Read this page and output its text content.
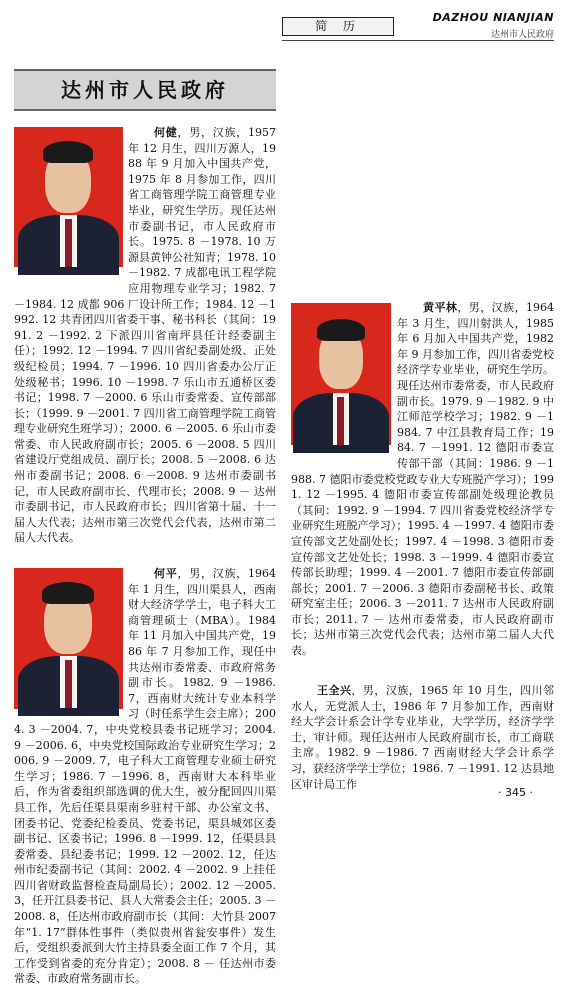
简 历
DAZHOU NIANJIAN
达州市人民政府
达州市人民政府

何健，男，汉族，1957 年 12 月生，四川万源人，1988 年 9 月加入中国共产党，1975 年 8 月参加工作，四川省工商管理学院工商管理专业毕业，研究生学历。现任达州市委副书记，市人民政府市长。1975. 8 －1978. 10 万源县黄钟公社知青；1978. 10 －1982. 7 成都电讯工程学院应用物理专业学习；1982. 7 －1984. 12 成都 906 厂设计所工作；1984. 12 －1992. 12 共青团四川省委干事、秘书科长（其间：1991. 2 －1992. 2 下派四川省南坪县任计经委副主任）；1992. 12 －1994. 7 四川省纪委副处级、正处级纪检员；1994. 7 －1996. 10 四川省委办公厅正处级秘书；1996. 10 －1998. 7 乐山市五通桥区委书记；1998. 7 －2000. 6 乐山市委常委、宣传部部长；（1999. 9 －2001. 7 四川省工商管理学院工商管理专业研究生班学习）；2000. 6 －2005. 6 乐山市委常委、市人民政府副市长；2005. 6 －2008. 5 四川省建设厅党组成员、副厅长；2008. 5 －2008. 6 达州市委副书记；2008. 6 －2008. 9 达州市委副书记，市人民政府副市长、代理市长；2008. 9 － 达州市委副书记，市人民政府市长；四川省第十届、十一届人大代表；达州市第三次党代会代表，达州市第二届人大代表。

何平，男，汉族，1964 年 1 月生，四川渠县人，西南财大经济学学士，电子科大工商管理硕士（MBA）。1984 年 11 月加入中国共产党，1986 年 7 月参加工作，现任中共达州市委常委、市政府常务副市长。1982. 9 －1986. 7，西南财大统计专业本科学习（时任系学生会主席）；2004. 3 －2004. 7，中央党校县委书记班学习；2004. 9 －2006. 6，中央党校国际政治专业研究生学习；2006. 9 －2009. 7，电子科大工商管理专业硕士研究生学习；1986. 7 －1996. 8，西南财大本科毕业后，作为省委组织部选调的优大生，被分配回四川渠县工作，先后任渠县渠南乡驻村干部、办公室文书、团委书记、党委纪检委员、党委书记，渠县城郊区委副书记、区委书记；1996. 8 －1999. 12，任渠县县委常委、县纪委书记；1999. 12 －2002. 12，任达州市纪委副书记（其间：2002. 4 －2002. 9 上挂任四川省财政监督检查局副局长）；2002. 12 －2005. 3，任开江县委书记、县人大常委会主任；2005. 3 －2008. 8，任达州市政府副市长（其间：大竹县 2007 年“1. 17”群体性事件（类似贵州省瓮安事件）发生后，受组织委派到大竹主持县委全面工作 7 个月，其工作受到省委的充分肯定）；2008. 8 － 任达州市委常委、市政府常务副市长。

黄平林，男，汉族，1964 年 3 月生，四川射洪人，1985 年 6 月加入中国共产党，1982 年 9 月参加工作，四川省委党校经济学专业毕业，研究生学历。现任达州市委常委，市人民政府副市长。1979. 9 －1982. 9 中江师范学校学习；1982. 9 －1984. 7 中江县教育局工作；1984. 7 －1991. 12 德阳市委宣传部干部（其间：1986. 9 －1988. 7 德阳市委党校党政专业大专班脱产学习）；1991. 12 －1995. 4 德阳市委宣传部副处级理论教员（其间：1992. 9 －1994. 7 四川省委党校经济学专业研究生班脱产学习）；1995. 4 －1997. 4 德阳市委宣传部文艺处副处长；1997. 4 －1998. 3 德阳市委宣传部文艺处处长；1998. 3 －1999. 4 德阳市委宣传部长助理；1999. 4 －2001. 7 德阳市委宣传部副部长；2001. 7 －2006. 3 德阳市委副秘书长、政策研究室主任；2006. 3 －2011. 7 达州市人民政府副市长；2011. 7 － 达州市委常委，市人民政府副市长；达州市第三次党代会代表；达州市第二届人大代表。

王全兴，男，汉族，1965 年 10 月生，四川邻水人，无党派人士，1986 年 7 月参加工作，西南财经大学会计系会计学专业毕业，大学学历，经济学学士，审计师。现任达州市人民政府副市长，市工商联主席。1982. 9 －1986. 7 西南财经大学会计系学习，获经济学学士学位；1986. 7 －1991. 12 达县地区审计局工作

· 345 ·
